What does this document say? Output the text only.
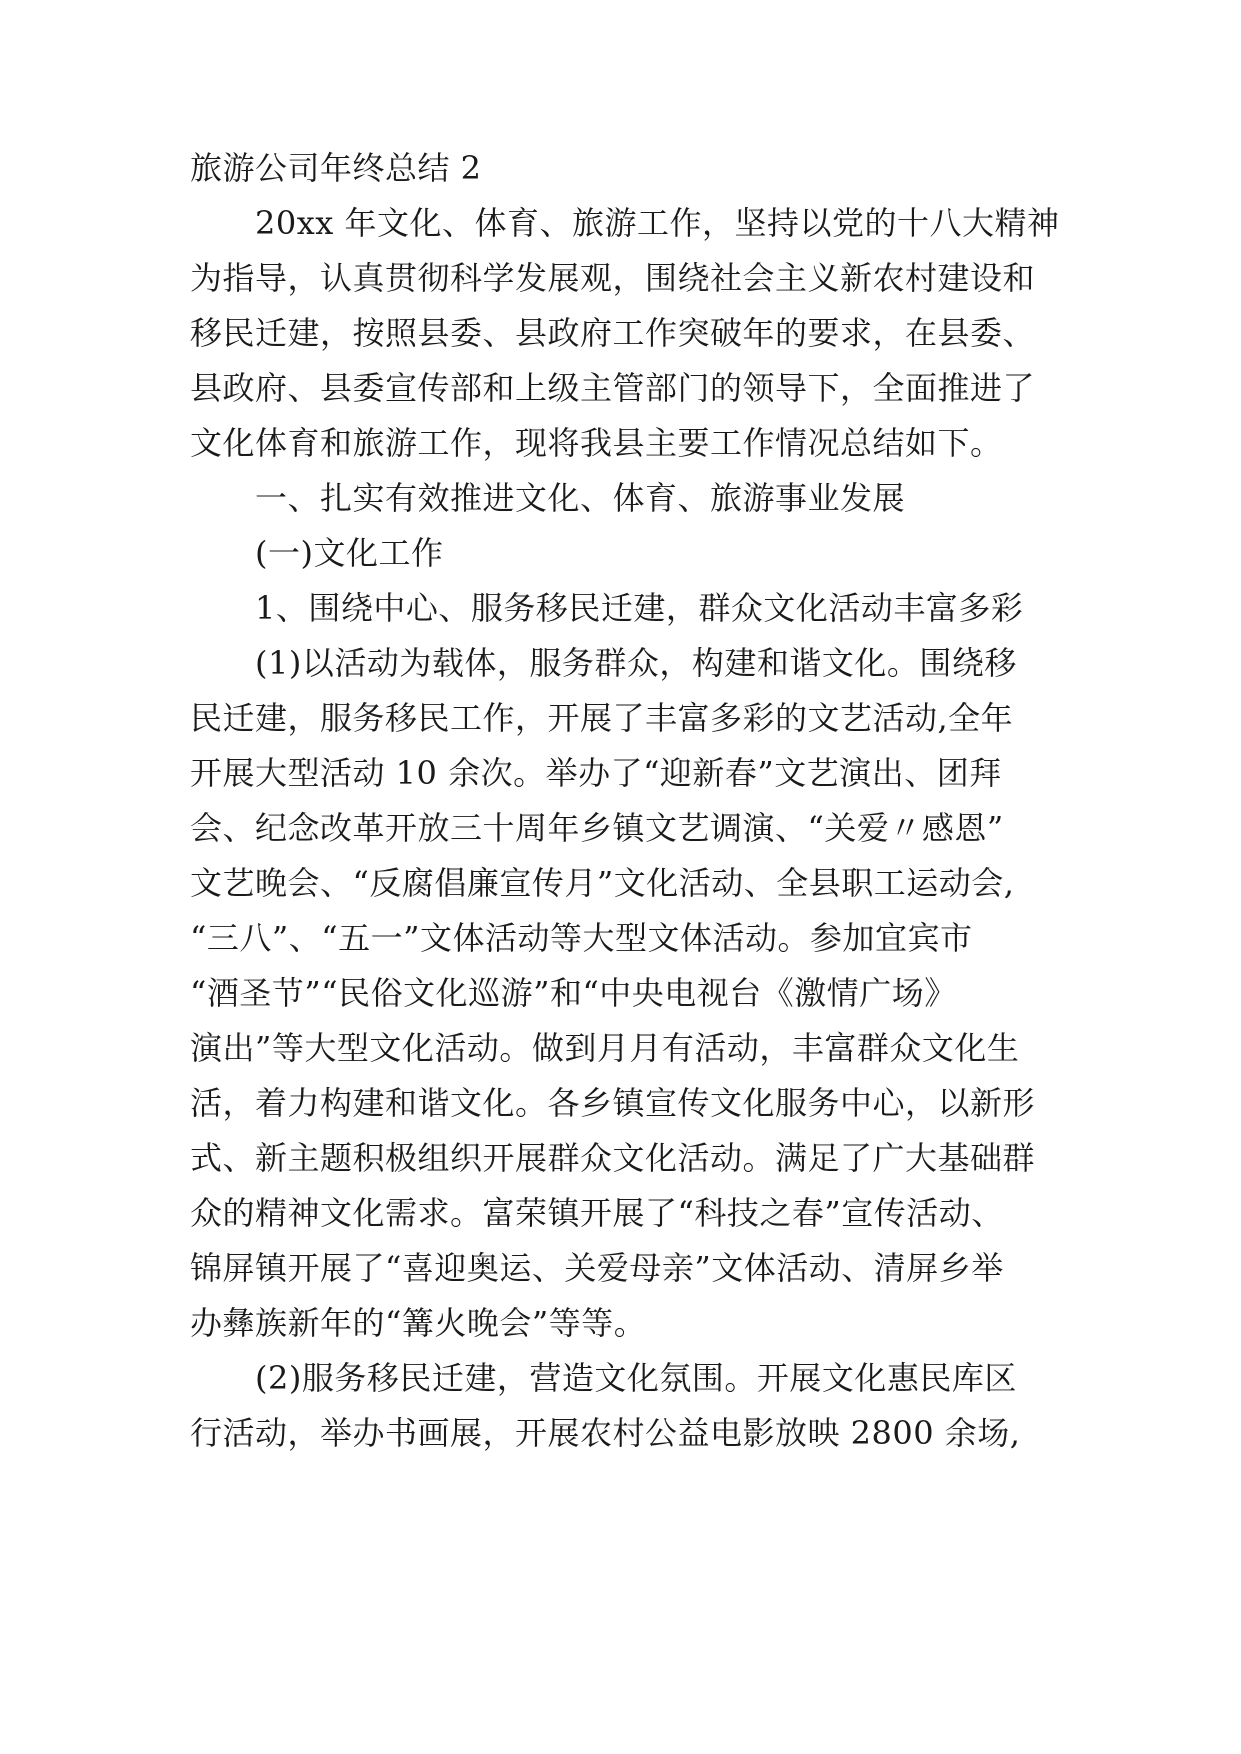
旅游公司年终总结 2

20xx 年文化、体育、旅游工作，坚持以党的十八大精神

为指导，认真贯彻科学发展观，围绕社会主义新农村建设和

移民迁建，按照县委、县政府工作突破年的要求，在县委、

县政府、县委宣传部和上级主管部门的领导下，全面推进了

文化体育和旅游工作，现将我县主要工作情况总结如下。

一、扎实有效推进文化、体育、旅游事业发展

(一)文化工作

1、围绕中心、服务移民迁建，群众文化活动丰富多彩

(1)以活动为载体，服务群众，构建和谐文化。围绕移

民迁建，服务移民工作，开展了丰富多彩的文艺活动,全年

开展大型活动 10 余次。举办了“迎新春”文艺演出、团拜

会、纪念改革开放三十周年乡镇文艺调演、“关爱〃感恩”

文艺晚会、“反腐倡廉宣传月”文化活动、全县职工运动会,

“三八”、“五一”文体活动等大型文体活动。参加宜宾市

“酒圣节”“民俗文化巡游”和“中央电视台《激情广场》

演出”等大型文化活动。做到月月有活动，丰富群众文化生

活，着力构建和谐文化。各乡镇宣传文化服务中心，以新形

式、新主题积极组织开展群众文化活动。满足了广大基础群

众的精神文化需求。富荣镇开展了“科技之春”宣传活动、

锦屏镇开展了“喜迎奥运、关爱母亲”文体活动、清屏乡举

办彝族新年的“篝火晚会”等等。

(2)服务移民迁建，营造文化氛围。开展文化惠民库区

行活动，举办书画展，开展农村公益电影放映 2800 余场,
